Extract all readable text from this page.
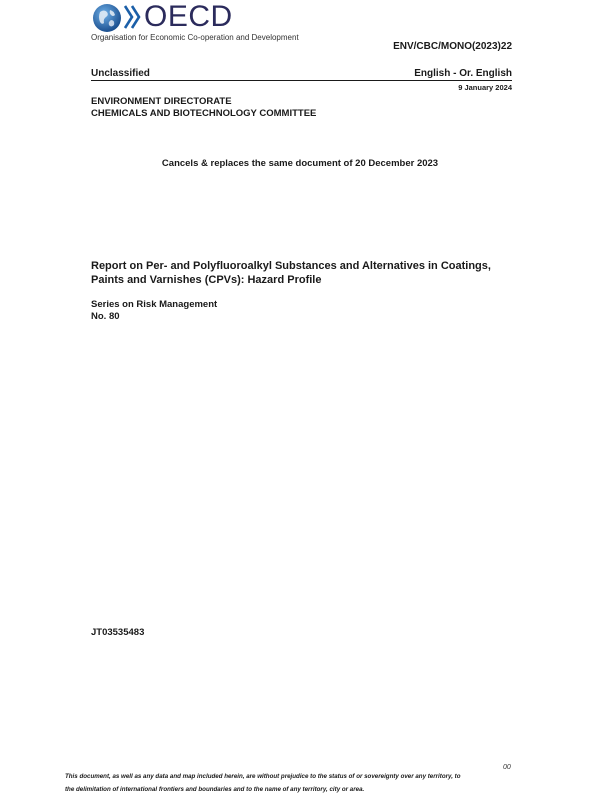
OECD
Organisation for Economic Co-operation and Development
ENV/CBC/MONO(2023)22
Unclassified	English - Or. English
9 January 2024
ENVIRONMENT DIRECTORATE
CHEMICALS AND BIOTECHNOLOGY COMMITTEE
Cancels & replaces the same document of 20 December 2023
Report on Per- and Polyfluoroalkyl Substances and Alternatives in Coatings, Paints and Varnishes (CPVs): Hazard Profile
Series on Risk Management
No. 80
JT03535483
00
This document, as well as any data and map included herein, are without prejudice to the status of or sovereignty over any territory, to
the delimitation of international frontiers and boundaries and to the name of any territory, city or area.
